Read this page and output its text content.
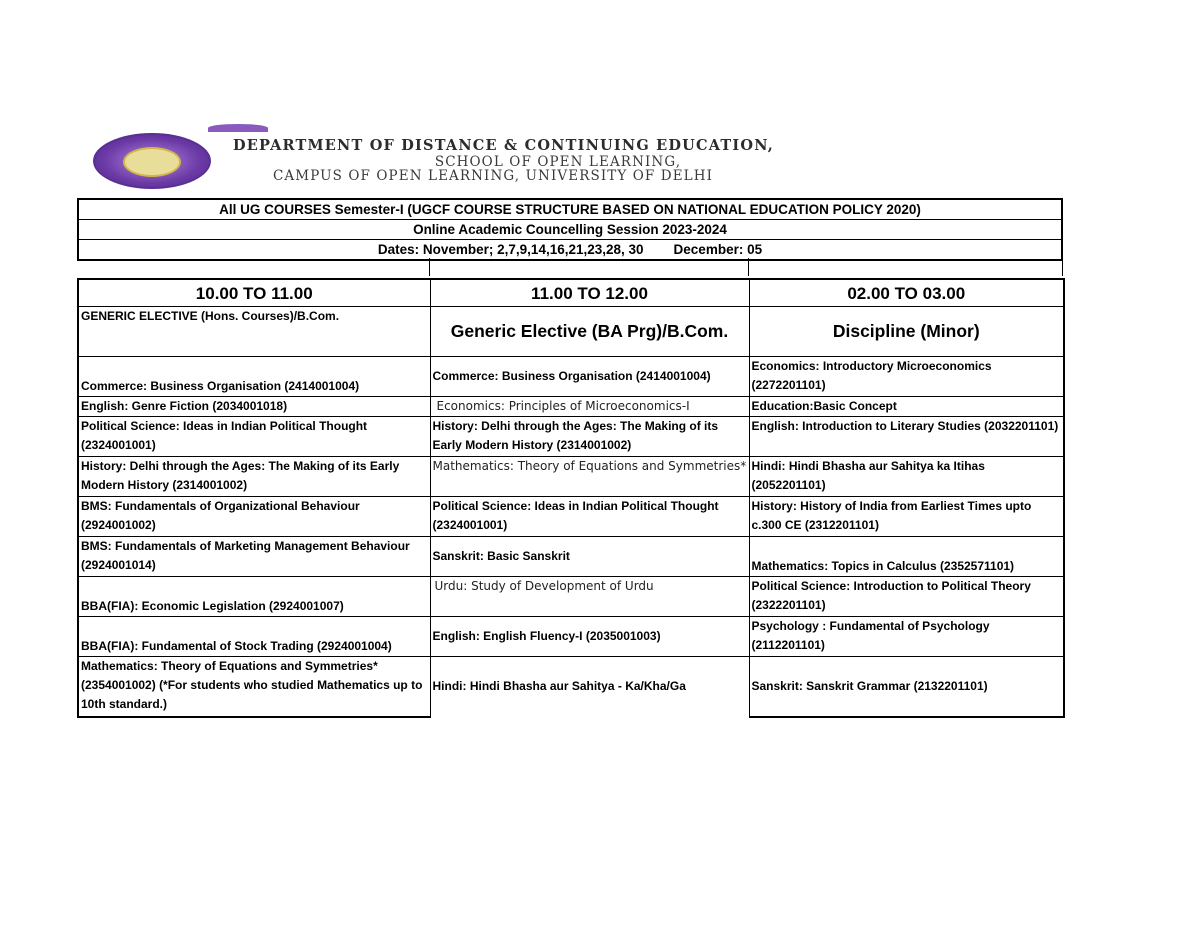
DEPARTMENT OF DISTANCE & CONTINUING EDUCATION,
SCHOOL OF OPEN LEARNING,
CAMPUS OF OPEN LEARNING, UNIVERSITY OF DELHI
All UG COURSES Semester-I (UGCF COURSE STRUCTURE BASED ON NATIONAL EDUCATION POLICY 2020)
Online Academic Councelling Session 2023-2024
Dates: November; 2,7,9,14,16,21,23,28, 30 December: 05
10.00 TO 11.00	11.00 TO 12.00	02.00 TO 03.00
GENERIC ELECTIVE (Hons. Courses)/B.Com.	Generic Elective (BA Prg)/B.Com.	Discipline (Minor)
Commerce: Business Organisation (2414001004)	Commerce: Business Organisation (2414001004)	Economics: Introductory Microeconomics (2272201101)
English: Genre Fiction (2034001018)	Economics: Principles of Microeconomics-I	Education:Basic Concept
Political Science: Ideas in Indian Political Thought (2324001001)	History: Delhi through the Ages: The Making of its Early Modern History (2314001002)	English: Introduction to Literary Studies (2032201101)
History: Delhi through the Ages: The Making of its Early Modern History (2314001002)	Mathematics: Theory of Equations and Symmetries*	Hindi: Hindi Bhasha aur Sahitya ka Itihas (2052201101)
BMS: Fundamentals of Organizational Behaviour (2924001002)	Political Science: Ideas in Indian Political Thought (2324001001)	History: History of India from Earliest Times upto c.300 CE (2312201101)
BMS: Fundamentals of Marketing Management Behaviour (2924001014)	Sanskrit: Basic Sanskrit	Mathematics: Topics in Calculus (2352571101)
BBA(FIA): Economic Legislation (2924001007)	Urdu: Study of Development of Urdu	Political Science: Introduction to Political Theory (2322201101)
BBA(FIA): Fundamental of Stock Trading (2924001004)	English: English Fluency-I (2035001003)	Psychology : Fundamental of Psychology (2112201101)
Mathematics: Theory of Equations and Symmetries* (2354001002) (*For students who studied Mathematics up to 10th standard.)	Hindi: Hindi Bhasha aur Sahitya - Ka/Kha/Ga	Sanskrit: Sanskrit Grammar (2132201101)
